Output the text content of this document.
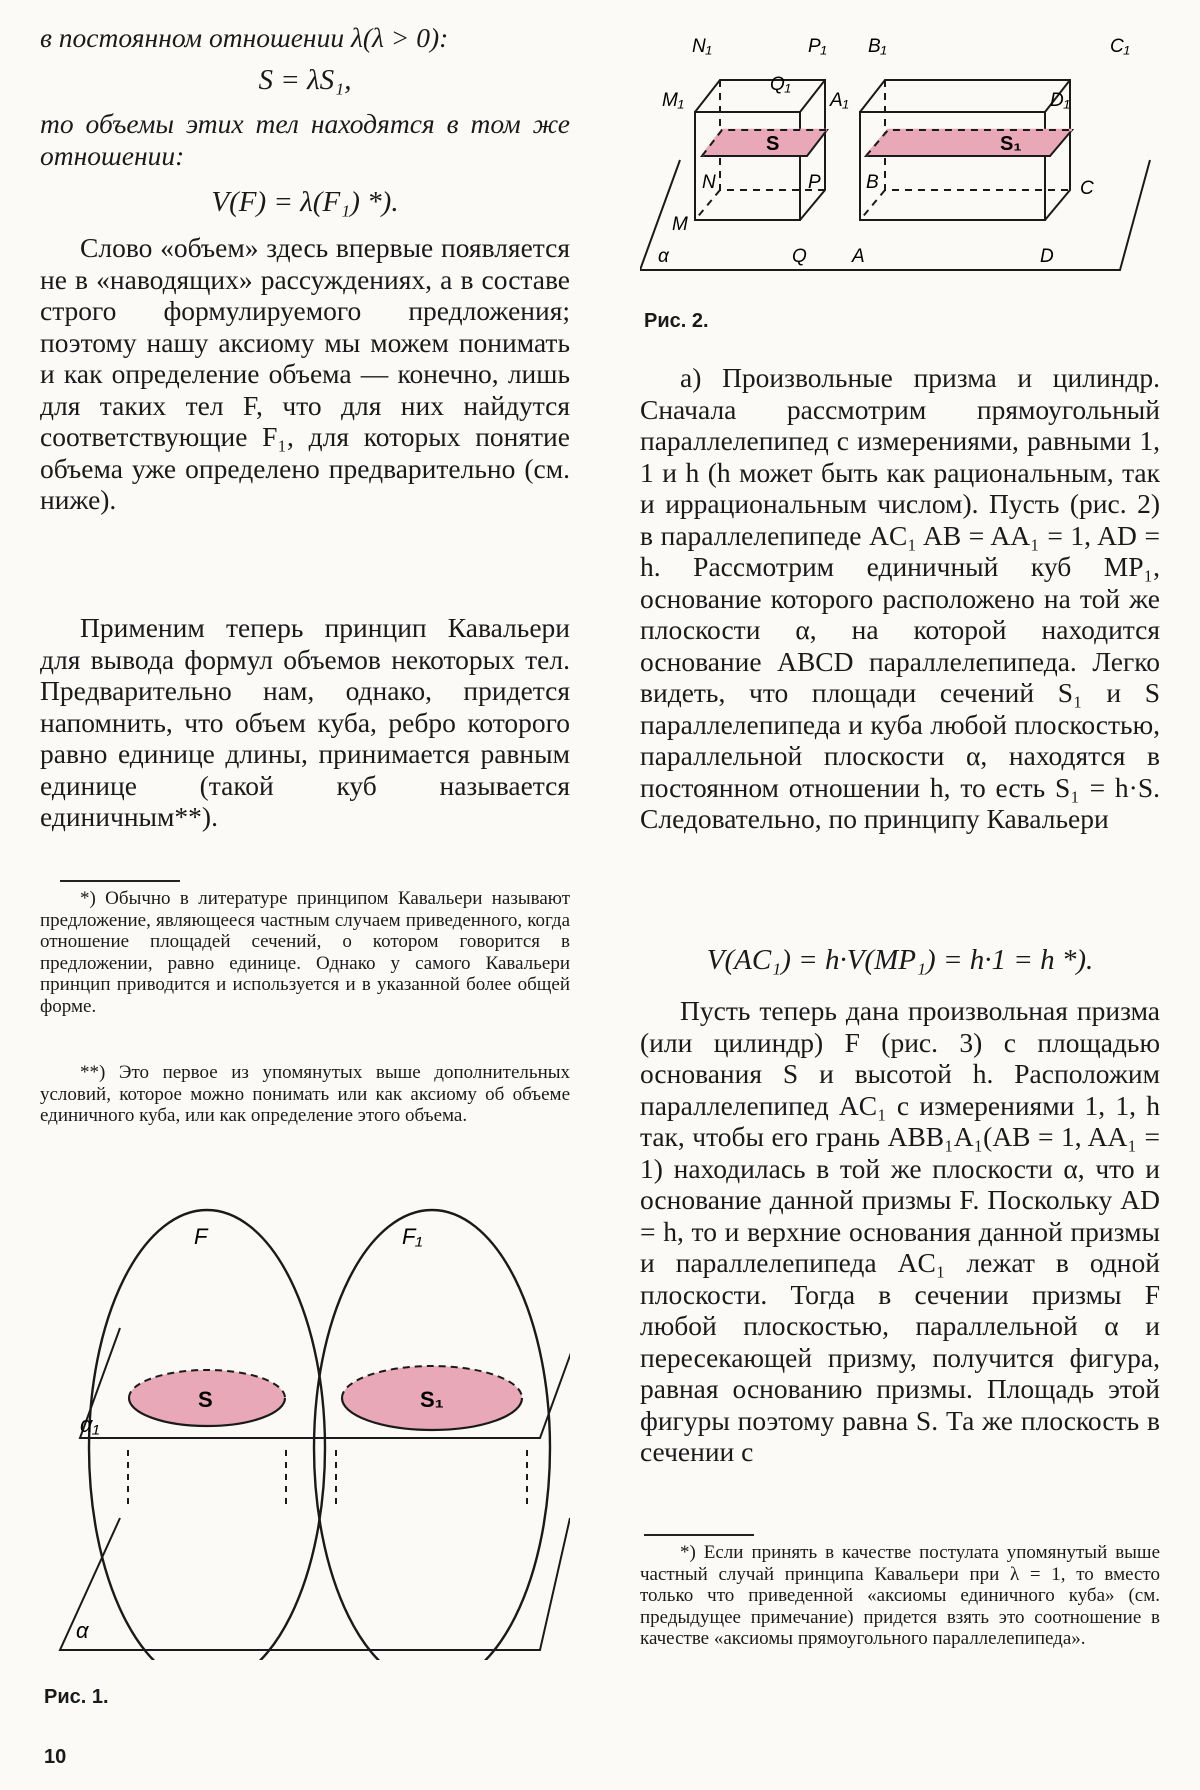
в постоянном отношении λ(λ > 0):

S = λS₁,

то объемы этих тел находятся в том же отношении:

V(F) = λ(F₁) *).

Слово «объем» здесь впервые появляется не в «наводящих» рассуждениях, а в составе строго формулируемого предложения; поэтому нашу аксиому мы можем понимать и как определение объема — конечно, лишь для таких тел F, что для них найдутся соответствующие F₁, для которых понятие объема уже определено предварительно (см. ниже).

Применим теперь принцип Кавальери для вывода формул объемов некоторых тел. Предварительно нам, однако, придется напомнить, что объем куба, ребро которого равно единице длины, принимается равным единице (такой куб называется единичным**).

*) Обычно в литературе принципом Кавальери называют предложение, являющееся частным случаем приведенного, когда отношение площадей сечений, о котором говорится в предложении, равно единице. Однако у самого Кавальери принцип приводится и используется и в указанной более общей форме.

**) Это первое из упомянутых выше дополнительных условий, которое можно понимать или как аксиому об объеме единичного куба, или как определение этого объема.

F	F₁
S	S₁
α₁
α
Рис. 1.
10
N₁	P₁ B₁	C₁
M₁
Q₁
A₁	D₁
S	S₁
N	P B	C
M
α	Q A	D
Рис. 2.

а) Произвольные призма и цилиндр. Сначала рассмотрим прямоугольный параллелепипед с измерениями, равными 1, 1 и h (h может быть как рациональным, так и иррациональным числом). Пусть (рис. 2) в параллелепипеде AC₁ AB = AA₁ = 1, AD = h. Рассмотрим единичный куб MP₁, основание которого расположено на той же плоскости α, на которой находится основание ABCD параллелепипеда. Легко видеть, что площади сечений S₁ и S параллелепипеда и куба любой плоскостью, параллельной плоскости α, находятся в постоянном отношении h, то есть S₁ = h·S. Следовательно, по принципу Кавальери

V(AC₁) = h·V(MP₁) = h·1 = h *).

Пусть теперь дана произвольная призма (или цилиндр) F (рис. 3) с площадью основания S и высотой h. Расположим параллелепипед AC₁ с измерениями 1, 1, h так, чтобы его грань ABB₁A₁(AB = 1, AA₁ = 1) находилась в той же плоскости α, что и основание данной призмы F. Поскольку AD = h, то и верхние основания данной призмы и параллелепипеда AC₁ лежат в одной плоскости. Тогда в сечении призмы F любой плоскостью, параллельной α и пересекающей призму, получится фигура, равная основанию призмы. Площадь этой фигуры поэтому равна S. Та же плоскость в сечении с

*) Если принять в качестве постулата упомянутый выше частный случай принципа Кавальери при λ = 1, то вместо только что приведенной «аксиомы единичного куба» (см. предыдущее примечание) придется взять это соотношение в качестве «аксиомы прямоугольного параллелепипеда».
